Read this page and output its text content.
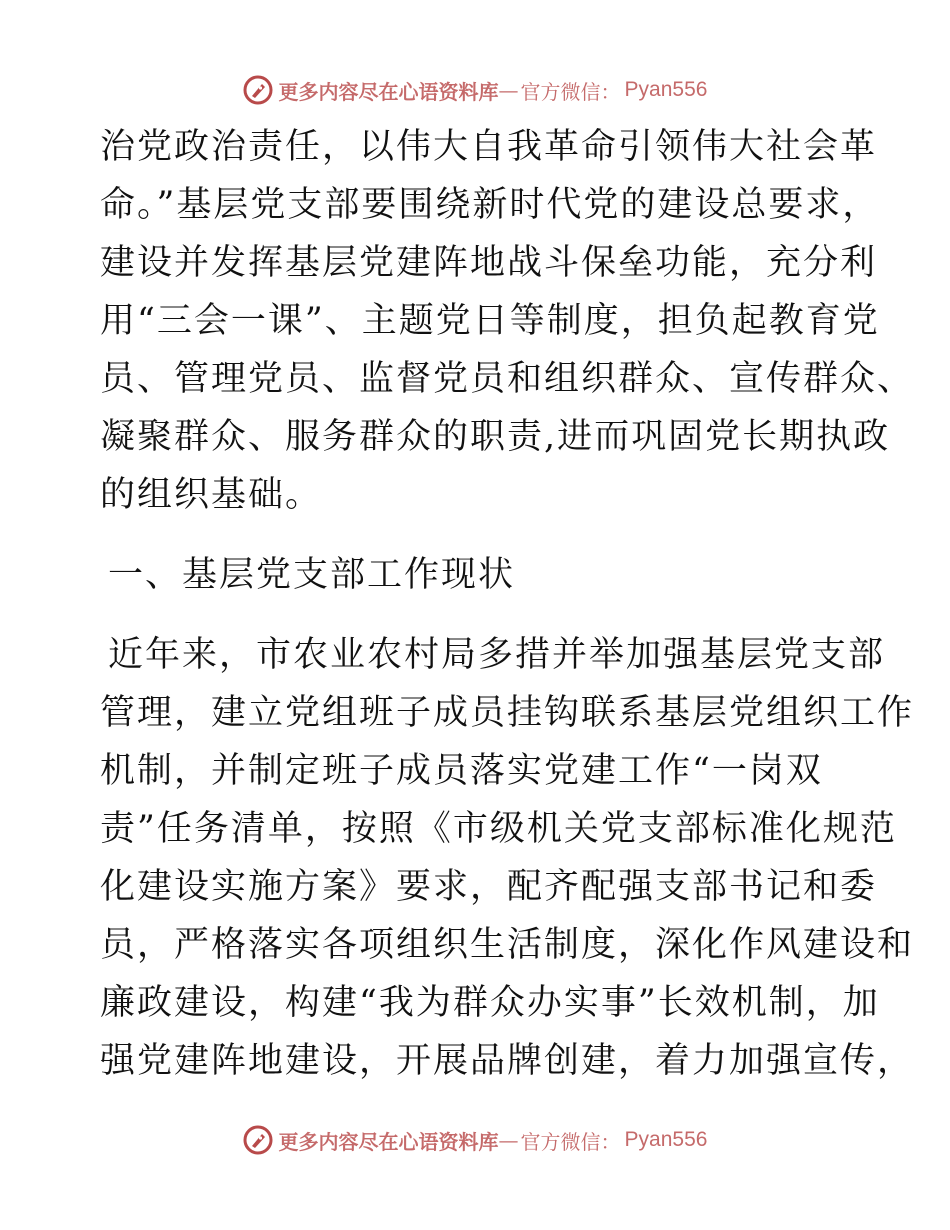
更多内容尽在心语资料库 — 官方微信： Pyan556
治党政治责任，以伟大自我革命引领伟大社会革
命。”基层党支部要围绕新时代党的建设总要求，
建设并发挥基层党建阵地战斗保垒功能，充分利
用“三会一课”、主题党日等制度，担负起教育党
员、管理党员、监督党员和组织群众、宣传群众、
凝聚群众、服务群众的职责,进而巩固党长期执政
的组织基础。
一、基层党支部工作现状
近年来，市农业农村局多措并举加强基层党支部
管理，建立党组班子成员挂钩联系基层党组织工作
机制，并制定班子成员落实党建工作“一岗双
责”任务清单，按照《市级机关党支部标准化规范
化建设实施方案》要求，配齐配强支部书记和委
员，严格落实各项组织生活制度，深化作风建设和
廉政建设，构建“我为群众办实事”长效机制，加
强党建阵地建设，开展品牌创建，着力加强宣传，
更多内容尽在心语资料库 — 官方微信： Pyan556
